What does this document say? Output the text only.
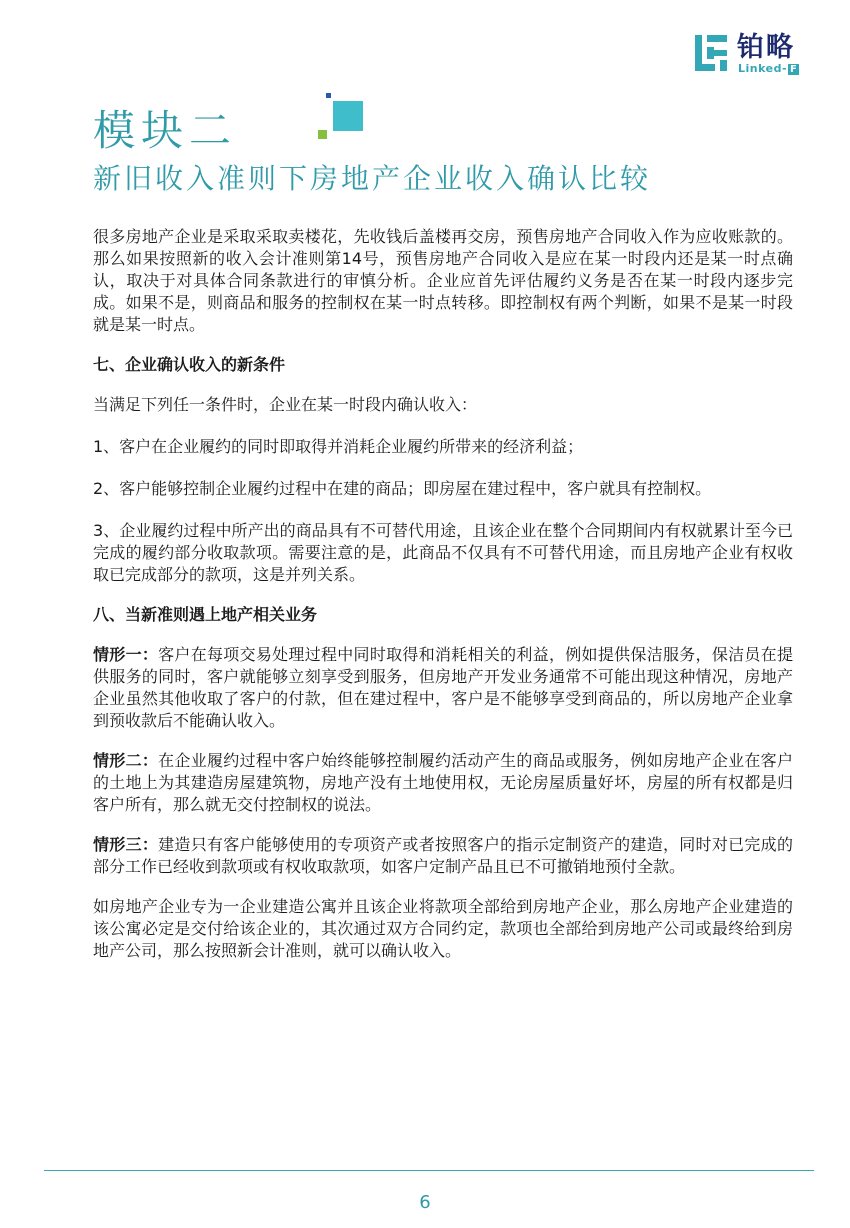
铂略
Linked- F
模块二
新旧收入准则下房地产企业收入确认比较

很多房地产企业是采取采取卖楼花，先收钱后盖楼再交房，预售房地产合同收入作为应收账款的。那么如果按照新的收入会计准则第14号，预售房地产合同收入是应在某一时段内还是某一时点确认，取决于对具体合同条款进行的审慎分析。企业应首先评估履约义务是否在某一时段内逐步完成。如果不是，则商品和服务的控制权在某一时点转移。即控制权有两个判断，如果不是某一时段就是某一时点。

七、企业确认收入的新条件

当满足下列任一条件时，企业在某一时段内确认收入：

1、客户在企业履约的同时即取得并消耗企业履约所带来的经济利益；

2、客户能够控制企业履约过程中在建的商品；即房屋在建过程中，客户就具有控制权。

3、企业履约过程中所产出的商品具有不可替代用途，且该企业在整个合同期间内有权就累计至今已完成的履约部分收取款项。需要注意的是，此商品不仅具有不可替代用途，而且房地产企业有权收取已完成部分的款项，这是并列关系。

八、当新准则遇上地产相关业务

情形一：客户在每项交易处理过程中同时取得和消耗相关的利益，例如提供保洁服务，保洁员在提供服务的同时，客户就能够立刻享受到服务，但房地产开发业务通常不可能出现这种情况，房地产企业虽然其他收取了客户的付款，但在建过程中，客户是不能够享受到商品的，所以房地产企业拿到预收款后不能确认收入。

情形二：在企业履约过程中客户始终能够控制履约活动产生的商品或服务，例如房地产企业在客户的土地上为其建造房屋建筑物，房地产没有土地使用权，无论房屋质量好坏，房屋的所有权都是归客户所有，那么就无交付控制权的说法。

情形三：建造只有客户能够使用的专项资产或者按照客户的指示定制资产的建造，同时对已完成的部分工作已经收到款项或有权收取款项，如客户定制产品且已不可撤销地预付全款。

如房地产企业专为一企业建造公寓并且该企业将款项全部给到房地产企业，那么房地产企业建造的该公寓必定是交付给该企业的，其次通过双方合同约定，款项也全部给到房地产公司或最终给到房地产公司，那么按照新会计准则，就可以确认收入。

6
